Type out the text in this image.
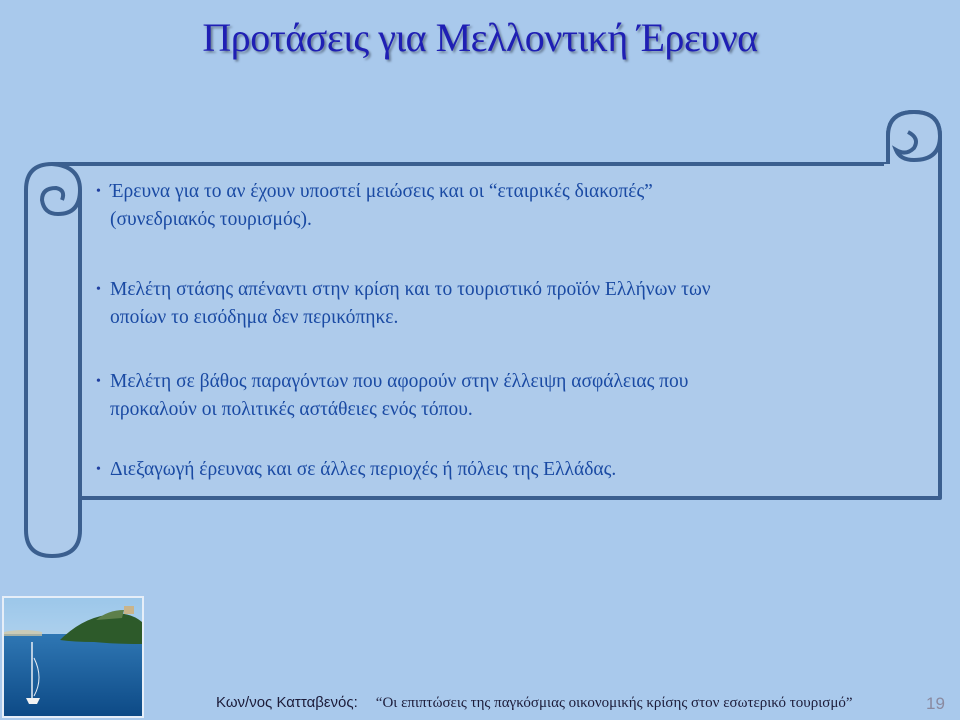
Προτάσεις για Μελλοντική Έρευνα
• Έρευνα για το αν έχουν υποστεί μειώσεις και οι “εταιρικές διακοπές”
(συνεδριακός τουρισμός).
• Μελέτη στάσης απέναντι στην κρίση και το τουριστικό προϊόν Ελλήνων των
οποίων το εισόδημα δεν περικόπηκε.
• Μελέτη σε βάθος παραγόντων που αφορούν στην έλλειψη ασφάλειας που
προκαλούν οι πολιτικές αστάθειες ενός τόπου.
• Διεξαγωγή έρευνας και σε άλλες περιοχές ή πόλεις της Ελλάδας.
Κων/νος Κατταβενός: “Οι επιπτώσεις της παγκόσμιας οικονομικής κρίσης στον εσωτερικό τουρισμό”	19
